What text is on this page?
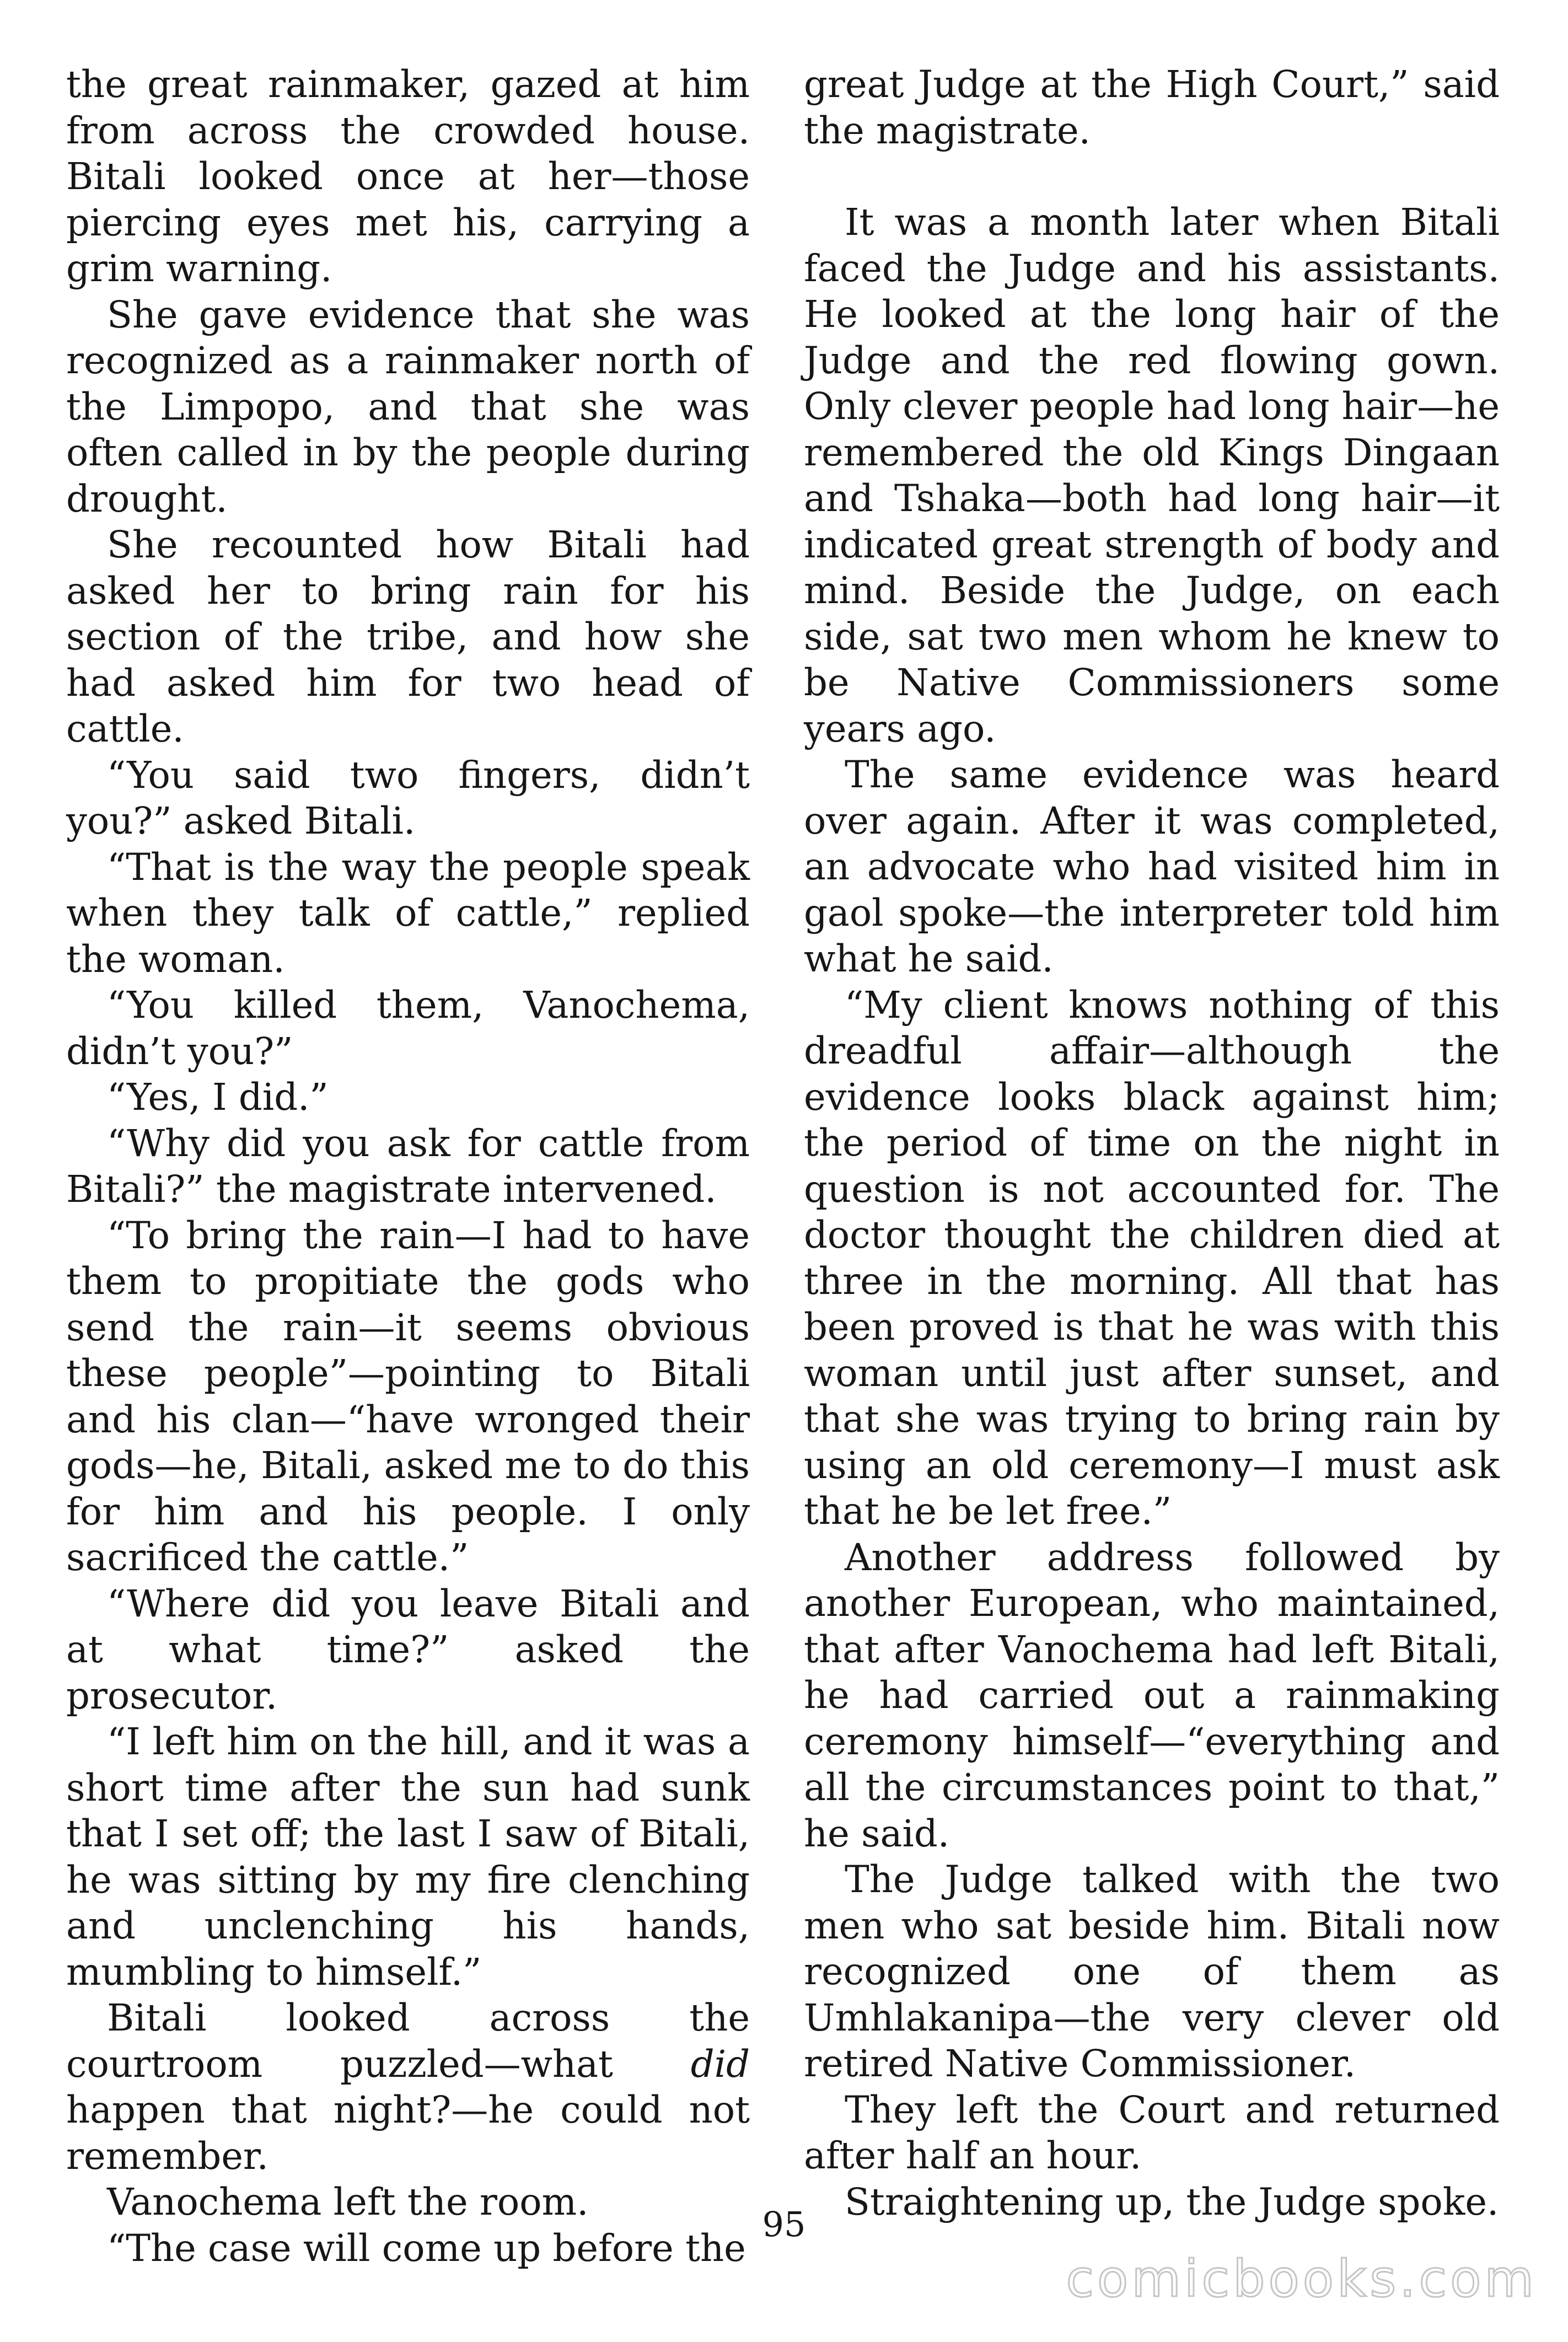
the great rainmaker, gazed at him from across the crowded house. Bitali looked once at her—those piercing eyes met his, carrying a grim warning.

She gave evidence that she was recognized as a rainmaker north of the Limpopo, and that she was often called in by the people during drought.

She recounted how Bitali had asked her to bring rain for his section of the tribe, and how she had asked him for two head of cattle.

“You said two fingers, didn’t you?” asked Bitali.

“That is the way the people speak when they talk of cattle,” replied the woman.

“You killed them, Vanochema, didn’t you?”

“Yes, I did.”

“Why did you ask for cattle from Bitali?” the magistrate intervened.

“To bring the rain—I had to have them to propitiate the gods who send the rain—it seems obvious these people”—pointing to Bitali and his clan—“have wronged their gods—he, Bitali, asked me to do this for him and his people. I only sacrificed the cattle.”

“Where did you leave Bitali and at what time?” asked the prosecutor.

“I left him on the hill, and it was a short time after the sun had sunk that I set off; the last I saw of Bitali, he was sitting by my fire clenching and unclenching his hands, mumbling to himself.”

Bitali looked across the courtroom puzzled—what did happen that night?—he could not remember.

Vanochema left the room.

“The case will come up before the

great Judge at the High Court,” said the magistrate.

It was a month later when Bitali faced the Judge and his assistants. He looked at the long hair of the Judge and the red flowing gown. Only clever people had long hair—he remembered the old Kings Dingaan and Tshaka—both had long hair—it indicated great strength of body and mind. Beside the Judge, on each side, sat two men whom he knew to be Native Commissioners some years ago.

The same evidence was heard over again. After it was completed, an advocate who had visited him in gaol spoke—the interpreter told him what he said.

“My client knows nothing of this dreadful affair—although the evidence looks black against him; the period of time on the night in question is not accounted for. The doctor thought the children died at three in the morning. All that has been proved is that he was with this woman until just after sunset, and that she was trying to bring rain by using an old ceremony—I must ask that he be let free.”

Another address followed by another European, who maintained, that after Vanochema had left Bitali, he had carried out a rainmaking ceremony himself—“everything and all the circumstances point to that,” he said.

The Judge talked with the two men who sat beside him. Bitali now recognized one of them as Umhlakanipa—the very clever old retired Native Commissioner.

They left the Court and returned after half an hour.

Straightening up, the Judge spoke.

95
comicbooks.com
